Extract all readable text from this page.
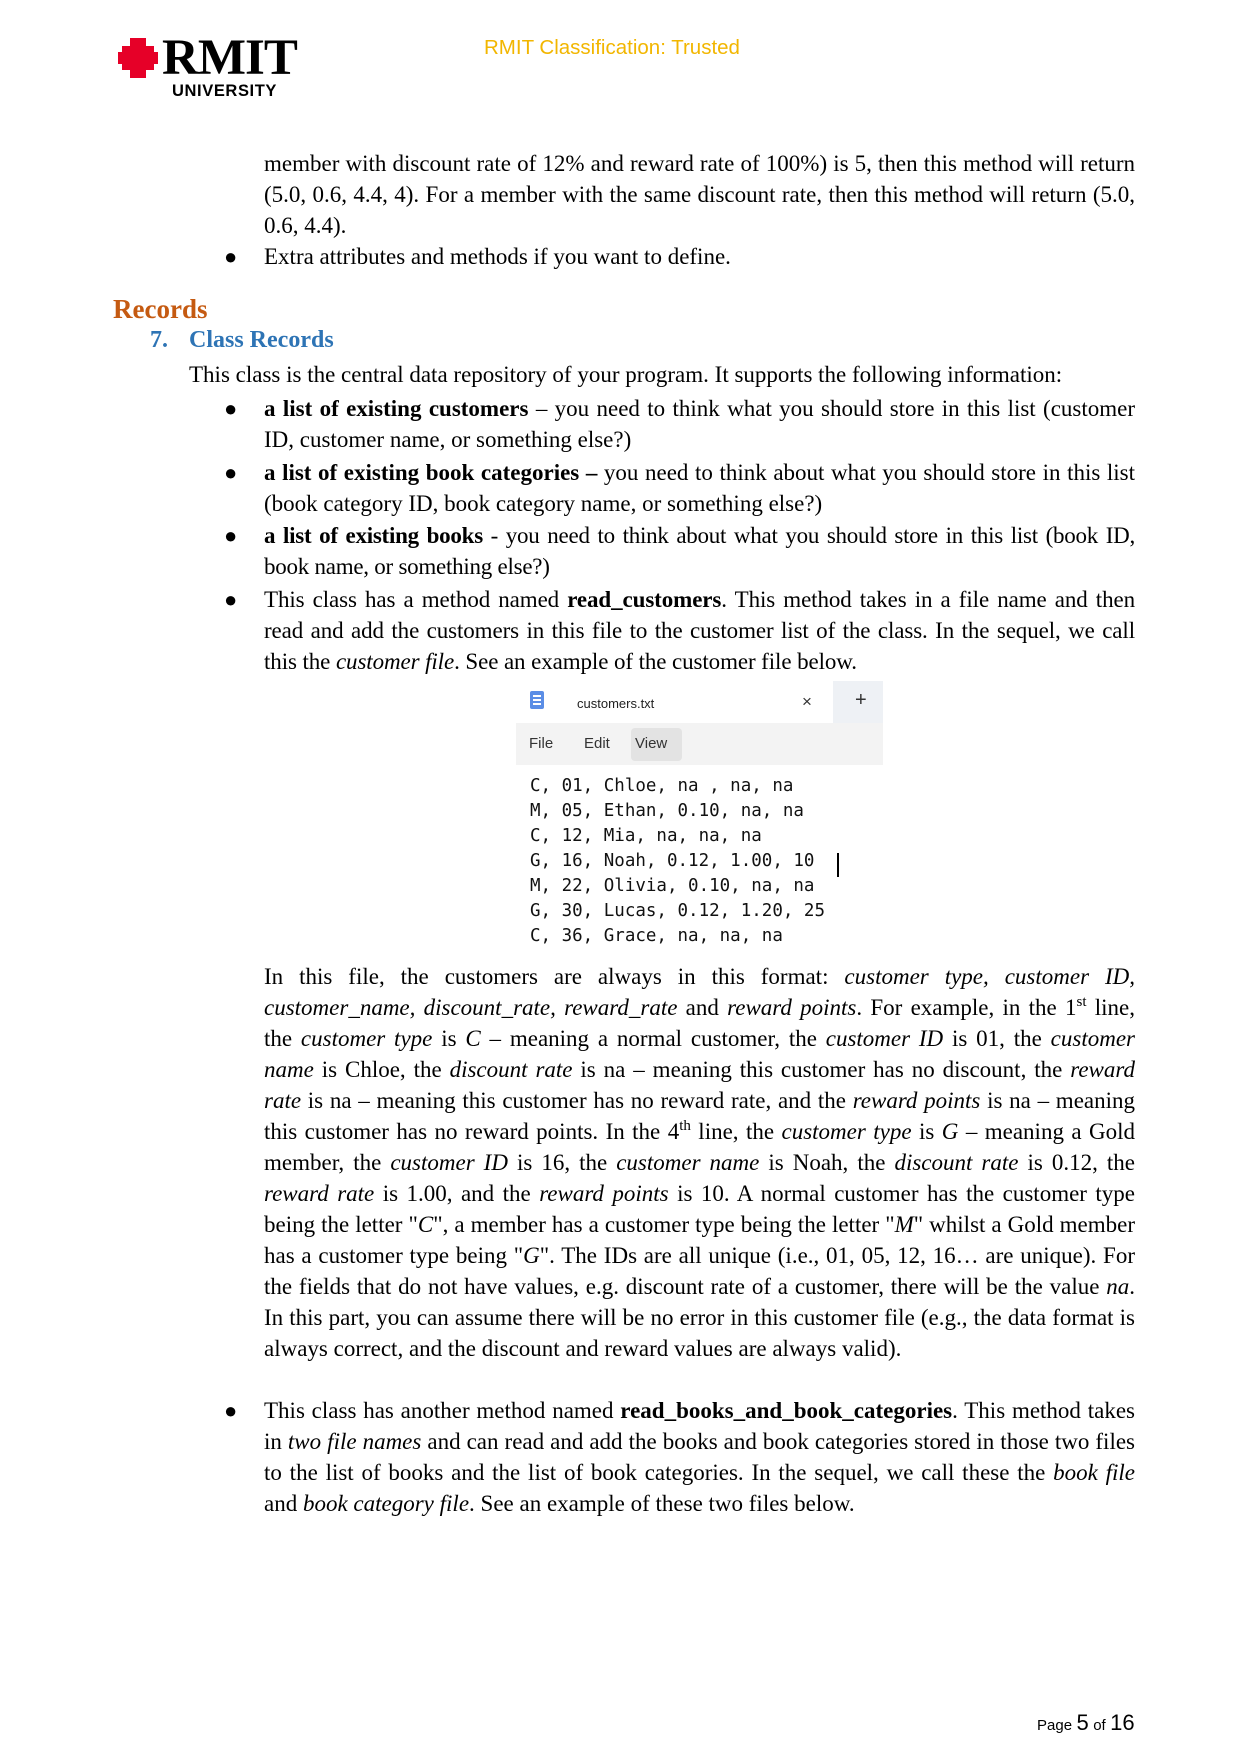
RMIT
UNIVERSITY
RMIT Classification: Trusted
member with discount rate of 12% and reward rate of 100%) is 5, then this method will return (5.0, 0.6, 4.4, 4). For a member with the same discount rate, then this method will return (5.0, 0.6, 4.4).
● Extra attributes and methods if you want to define.
Records
7. Class Records
This class is the central data repository of your program. It supports the following information:
● a list of existing customers – you need to think what you should store in this list (customer ID, customer name, or something else?)
● a list of existing book categories – you need to think about what you should store in this list (book category ID, book category name, or something else?)
● a list of existing books - you need to think about what you should store in this list (book ID, book name, or something else?)
● This class has a method named read_customers. This method takes in a file name and then read and add the customers in this file to the customer list of the class. In the sequel, we call this the customer file. See an example of the customer file below.
customers.txt	× +
File Edit View
C, 01, Chloe, na , na, na
M, 05, Ethan, 0.10, na, na
C, 12, Mia, na, na, na
G, 16, Noah, 0.12, 1.00, 10
M, 22, Olivia, 0.10, na, na
G, 30, Lucas, 0.12, 1.20, 25
C, 36, Grace, na, na, na
In this file, the customers are always in this format: customer type, customer ID, customer_name, discount_rate, reward_rate and reward points. For example, in the 1st line, the customer type is C – meaning a normal customer, the customer ID is 01, the customer name is Chloe, the discount rate is na – meaning this customer has no discount, the reward rate is na – meaning this customer has no reward rate, and the reward points is na – meaning this customer has no reward points. In the 4th line, the customer type is G – meaning a Gold member, the customer ID is 16, the customer name is Noah, the discount rate is 0.12, the reward rate is 1.00, and the reward points is 10. A normal customer has the customer type being the letter "C", a member has a customer type being the letter "M" whilst a Gold member has a customer type being "G". The IDs are all unique (i.e., 01, 05, 12, 16… are unique). For the fields that do not have values, e.g. discount rate of a customer, there will be the value na. In this part, you can assume there will be no error in this customer file (e.g., the data format is always correct, and the discount and reward values are always valid).
● This class has another method named read_books_and_book_categories. This method takes in two file names and can read and add the books and book categories stored in those two files to the list of books and the list of book categories. In the sequel, we call these the book file and book category file. See an example of these two files below.
Page 5 of 16
